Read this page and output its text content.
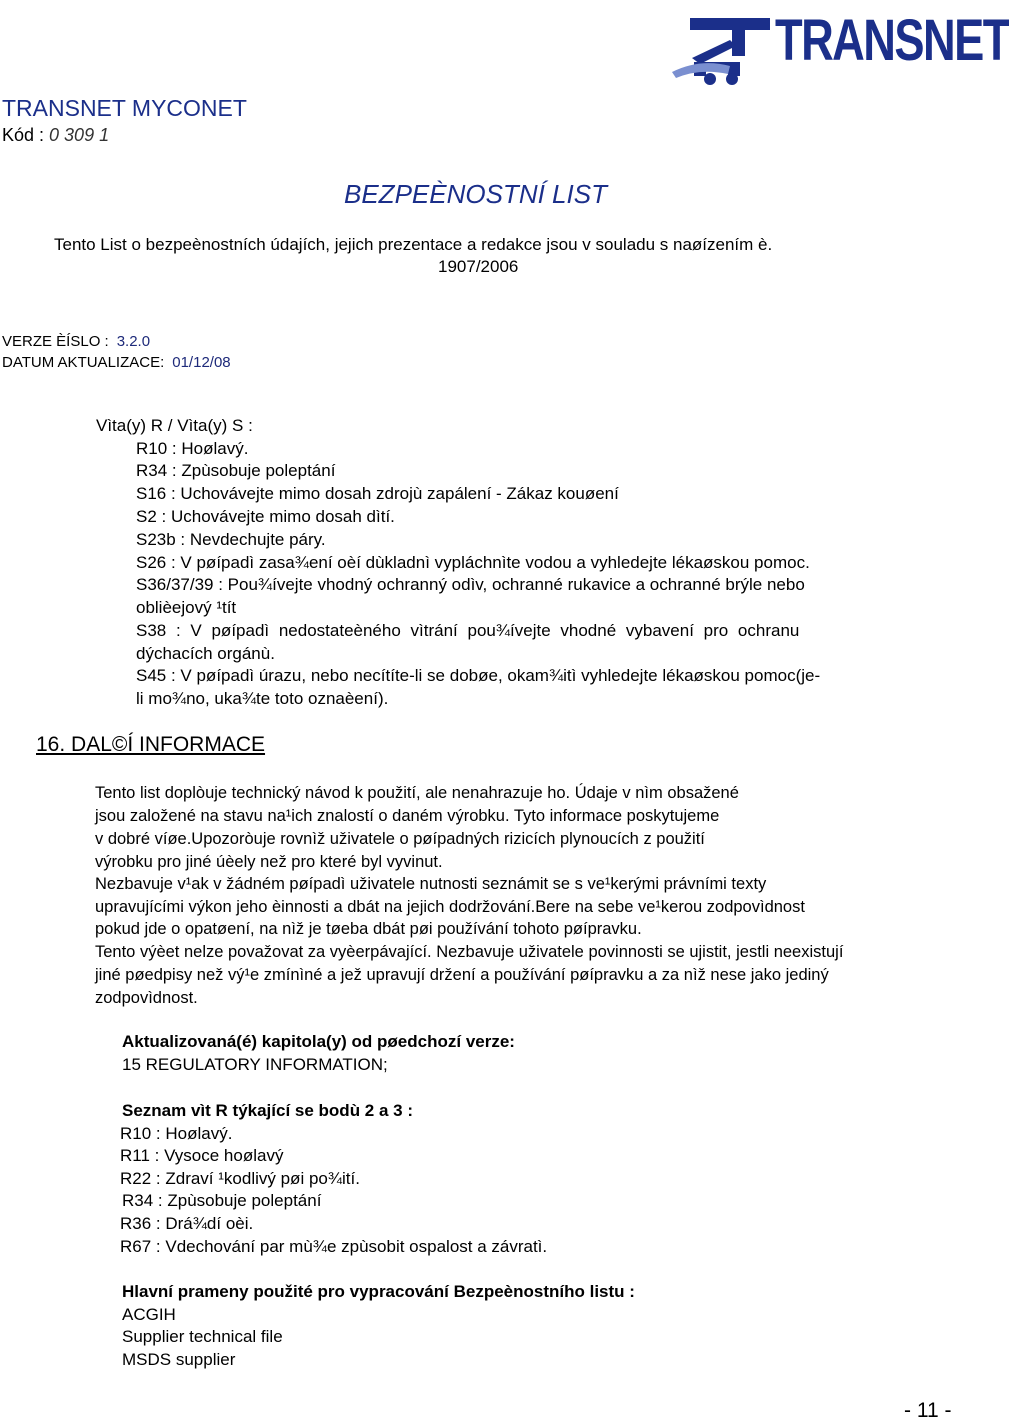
TRANSNET
TRANSNET MYCONET
Kód : 0 309 1
BEZPEÈNOSTNÍ LIST
Tento List o bezpeènostních údajích, jejich prezentace a redakce jsou v souladu s naøízením è.
1907/2006
VERZE ÈÍSLO : 3.2.0
DATUM AKTUALIZACE: 01/12/08
Vìta(y) R / Vìta(y) S :
R10 : Hoølavý.
R34 : Zpùsobuje poleptání
S16 : Uchovávejte mimo dosah zdrojù zapálení - Zákaz kouøení
S2 : Uchovávejte mimo dosah dìtí.
S23b : Nevdechujte páry.
S26 : V pøípadì zasa¾ení oèí dùkladnì vypláchnìte vodou a vyhledejte lékaøskou pomoc.
S36/37/39 : Pou¾ívejte vhodný ochranný odìv, ochranné rukavice a ochranné brýle nebo
oblièejový ¹tít
S38 : V pøípadì nedostateèného vìtrání pou¾ívejte vhodné vybavení pro ochranu
dýchacích orgánù.
S45 : V pøípadì úrazu, nebo necítíte-li se dobøe, okam¾itì vyhledejte lékaøskou pomoc(je-
li mo¾no, uka¾te toto oznaèení).
16. DAL©Í INFORMACE
Tento list doplòuje technický návod k použití, ale nenahrazuje ho. Údaje v nìm obsažené
jsou založené na stavu na¹ich znalostí o daném výrobku. Tyto informace poskytujeme
v dobré víøe.Upozoròuje rovnìž uživatele o pøípadných rizicích plynoucích z použití
výrobku pro jiné úèely než pro které byl vyvinut.
Nezbavuje v¹ak v žádném pøípadì uživatele nutnosti seznámit se s ve¹kerými právními texty
upravujícími výkon jeho èinnosti a dbát na jejich dodržování.Bere na sebe ve¹kerou zodpovìdnost
pokud jde o opatøení, na nìž je tøeba dbát pøi používání tohoto pøípravku.
Tento výèet nelze považovat za vyèerpávající. Nezbavuje uživatele povinnosti se ujistit, jestli neexistují
jiné pøedpisy než vý¹e zmínìné a jež upravují držení a používání pøípravku a za nìž nese jako jediný
zodpovìdnost.
Aktualizovaná(é) kapitola(y) od pøedchozí verze:
15 REGULATORY INFORMATION;
Seznam vìt R týkající se bodù 2 a 3 :
R10 : Hoølavý.
R11 : Vysoce hoølavý
R22 : Zdraví ¹kodlivý pøi po¾ití.
R34 : Zpùsobuje poleptání
R36 : Drá¾dí oèi.
R67 : Vdechování par mù¾e zpùsobit ospalost a závratì.
Hlavní prameny použité pro vypracování Bezpeènostního listu :
ACGIH
Supplier technical file
MSDS supplier
- 11 -
